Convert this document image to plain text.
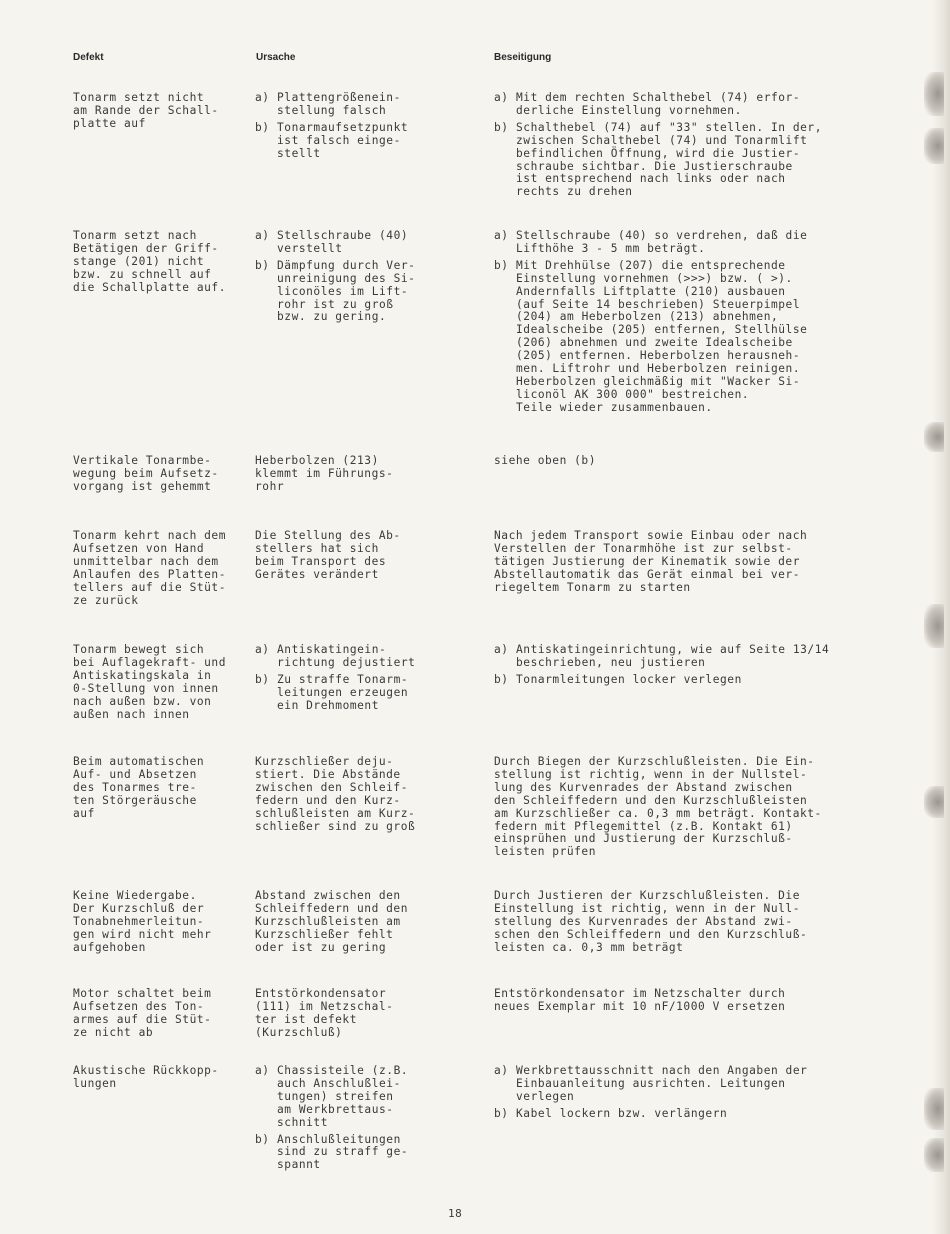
Defekt	Ursache	Beseitigung
Tonarm setzt nicht
am Rande der Schall-
platte auf
a) Plattengrößenein-
stellung falsch
b) Tonarmaufsetzpunkt
ist falsch einge-
stellt
a) Mit dem rechten Schalthebel (74) erfor-
derliche Einstellung vornehmen.
b) Schalthebel (74) auf "33" stellen. In der,
zwischen Schalthebel (74) und Tonarmlift
befindlichen Öffnung, wird die Justier-
schraube sichtbar. Die Justierschraube
ist entsprechend nach links oder nach
rechts zu drehen
Tonarm setzt nach
Betätigen der Griff-
stange (201) nicht
bzw. zu schnell auf
die Schallplatte auf.
a) Stellschraube (40)
verstellt
b) Dämpfung durch Ver-
unreinigung des Si-
liconöles im Lift-
rohr ist zu groß
bzw. zu gering.
a) Stellschraube (40) so verdrehen, daß die
Lifthöhe 3 - 5 mm beträgt.
b) Mit Drehhülse (207) die entsprechende
Einstellung vornehmen (>>>) bzw. ( >).
Andernfalls Liftplatte (210) ausbauen
(auf Seite 14 beschrieben) Steuerpimpel
(204) am Heberbolzen (213) abnehmen,
Idealscheibe (205) entfernen, Stellhülse
(206) abnehmen und zweite Idealscheibe
(205) entfernen. Heberbolzen herausneh-
men. Liftrohr und Heberbolzen reinigen.
Heberbolzen gleichmäßig mit "Wacker Si-
liconöl AK 300 000" bestreichen.
Teile wieder zusammenbauen.
Vertikale Tonarmbe-
wegung beim Aufsetz-
vorgang ist gehemmt
Heberbolzen (213)
klemmt im Führungs-
rohr
siehe oben (b)
Tonarm kehrt nach dem
Aufsetzen von Hand
unmittelbar nach dem
Anlaufen des Platten-
tellers auf die Stüt-
ze zurück
Die Stellung des Ab-
stellers hat sich
beim Transport des
Gerätes verändert
Nach jedem Transport sowie Einbau oder nach
Verstellen der Tonarmhöhe ist zur selbst-
tätigen Justierung der Kinematik sowie der
Abstellautomatik das Gerät einmal bei ver-
riegeltem Tonarm zu starten
Tonarm bewegt sich
bei Auflagekraft- und
Antiskatingskala in
0-Stellung von innen
nach außen bzw. von
außen nach innen
a) Antiskatingein-
richtung dejustiert
b) Zu straffe Tonarm-
leitungen erzeugen
ein Drehmoment
a) Antiskatingeinrichtung, wie auf Seite 13/14
beschrieben, neu justieren
b) Tonarmleitungen locker verlegen
Beim automatischen
Auf- und Absetzen
des Tonarmes tre-
ten Störgeräusche
auf
Kurzschließer deju-
stiert. Die Abstände
zwischen den Schleif-
federn und den Kurz-
schlußleisten am Kurz-
schließer sind zu groß
Durch Biegen der Kurzschlußleisten. Die Ein-
stellung ist richtig, wenn in der Nullstel-
lung des Kurvenrades der Abstand zwischen
den Schleiffedern und den Kurzschlußleisten
am Kurzschließer ca. 0,3 mm beträgt. Kontakt-
federn mit Pflegemittel (z.B. Kontakt 61)
einsprühen und Justierung der Kurzschluß-
leisten prüfen
Keine Wiedergabe.
Der Kurzschluß der
Tonabnehmerleitun-
gen wird nicht mehr
aufgehoben
Abstand zwischen den
Schleiffedern und den
Kurzschlußleisten am
Kurzschließer fehlt
oder ist zu gering
Durch Justieren der Kurzschlußleisten. Die
Einstellung ist richtig, wenn in der Null-
stellung des Kurvenrades der Abstand zwi-
schen den Schleiffedern und den Kurzschluß-
leisten ca. 0,3 mm beträgt
Motor schaltet beim
Aufsetzen des Ton-
armes auf die Stüt-
ze nicht ab
Entstörkondensator
(111) im Netzschal-
ter ist defekt
(Kurzschluß)
Entstörkondensator im Netzschalter durch
neues Exemplar mit 10 nF/1000 V ersetzen
Akustische Rückkopp-
lungen
a) Chassisteile (z.B.
auch Anschlußlei-
tungen) streifen
am Werkbrettaus-
schnitt
b) Anschlußleitungen
sind zu straff ge-
spannt
a) Werkbrettausschnitt nach den Angaben der
Einbauanleitung ausrichten. Leitungen
verlegen
b) Kabel lockern bzw. verlängern
18
